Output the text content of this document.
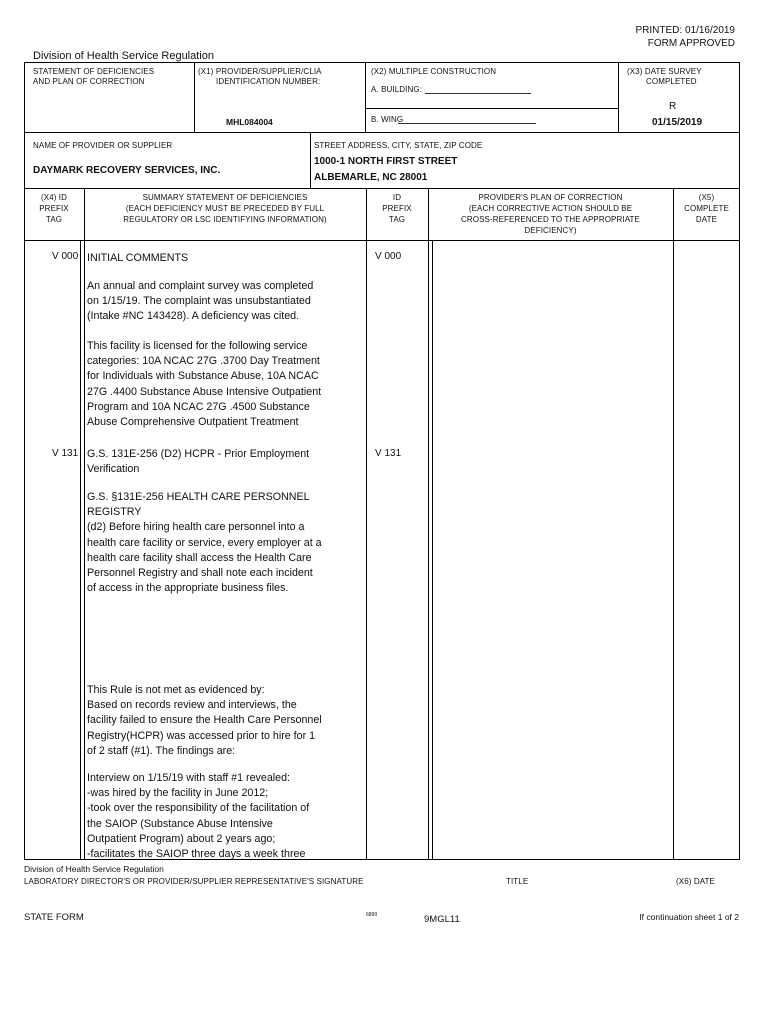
PRINTED: 01/16/2019
FORM APPROVED
Division of Health Service Regulation
STATEMENT OF DEFICIENCIES
AND PLAN OF CORRECTION
(X1) PROVIDER/SUPPLIER/CLIA
IDENTIFICATION NUMBER:
MHL084004
(X2) MULTIPLE CONSTRUCTION
A. BUILDING:
B. WING
(X3) DATE SURVEY
COMPLETED
R
01/15/2019
NAME OF PROVIDER OR SUPPLIER
DAYMARK RECOVERY SERVICES, INC.
STREET ADDRESS, CITY, STATE, ZIP CODE
1000-1 NORTH FIRST STREET
ALBEMARLE, NC 28001
(X4) ID
PREFIX
TAG
SUMMARY STATEMENT OF DEFICIENCIES
(EACH DEFICIENCY MUST BE PRECEDED BY FULL
REGULATORY OR LSC IDENTIFYING INFORMATION)
ID
PREFIX
TAG
PROVIDER'S PLAN OF CORRECTION
(EACH CORRECTIVE ACTION SHOULD BE
CROSS-REFERENCED TO THE APPROPRIATE
DEFICIENCY)
(X5)
COMPLETE
DATE
V 000	V 000
INITIAL COMMENTS
An annual and complaint survey was completed
on 1/15/19. The complaint was unsubstantiated
(Intake #NC 143428). A deficiency was cited.
This facility is licensed for the following service
categories: 10A NCAC 27G .3700 Day Treatment
for Individuals with Substance Abuse, 10A NCAC
27G .4400 Substance Abuse Intensive Outpatient
Program and 10A NCAC 27G .4500 Substance
Abuse Comprehensive Outpatient Treatment
V 131	V 131
G.S. 131E-256 (D2) HCPR - Prior Employment
Verification
G.S. §131E-256 HEALTH CARE PERSONNEL
REGISTRY
(d2) Before hiring health care personnel into a
health care facility or service, every employer at a
health care facility shall access the Health Care
Personnel Registry and shall note each incident
of access in the appropriate business files.
This Rule is not met as evidenced by:
Based on records review and interviews, the
facility failed to ensure the Health Care Personnel
Registry(HCPR) was accessed prior to hire for 1
of 2 staff (#1). The findings are:
Interview on 1/15/19 with staff #1 revealed:
-was hired by the facility in June 2012;
-took over the responsibility of the facilitation of
the SAIOP (Substance Abuse Intensive
Outpatient Program) about 2 years ago;
-facilitates the SAIOP three days a week three
Division of Health Service Regulation
LABORATORY DIRECTOR'S OR PROVIDER/SUPPLIER REPRESENTATIVE'S SIGNATURE	TITLE	(X6) DATE
STATE FORM	6899	9MGL11	If continuation sheet 1 of 2
